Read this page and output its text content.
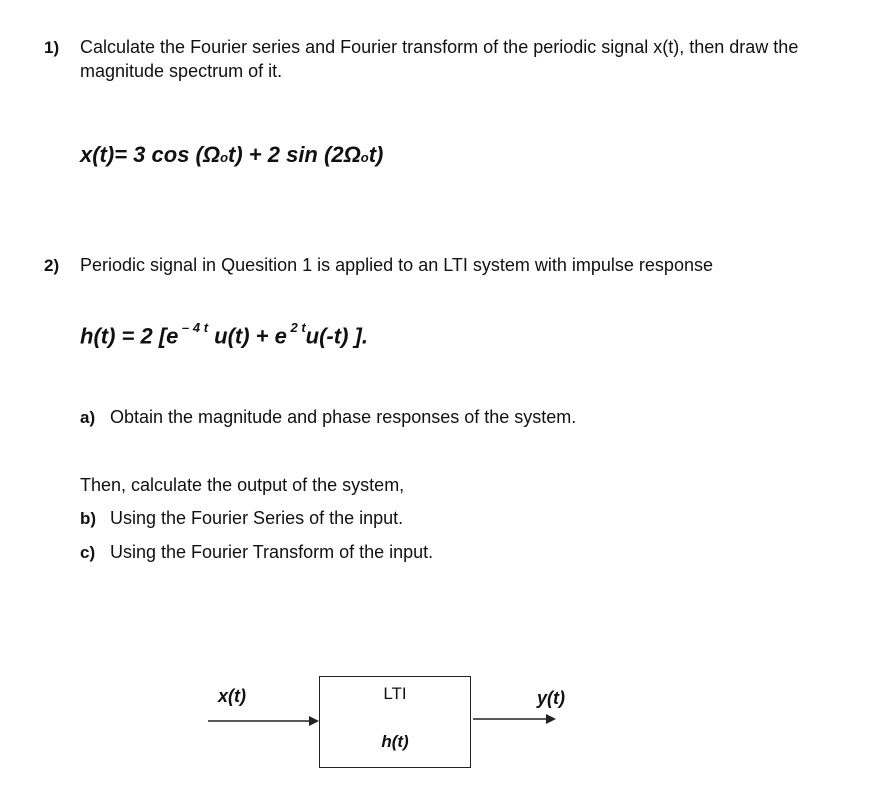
1) Calculate the Fourier series and Fourier transform of the periodic signal x(t), then draw the
magnitude spectrum of it.
x(t)= 3 cos (Ωot) + 2 sin (2Ωot)
2) Periodic signal in Quesition 1 is applied to an LTI system with impulse response
h(t) = 2 [e $^{- 4 t}$ u(t) + e $^{2 t}$u(-t) ].
a) Obtain the magnitude and phase responses of the system.
Then, calculate the output of the system,
b) Using the Fourier Series of the input.
c) Using the Fourier Transform of the input.
x(t)	LTI
h(t)
y(t)
